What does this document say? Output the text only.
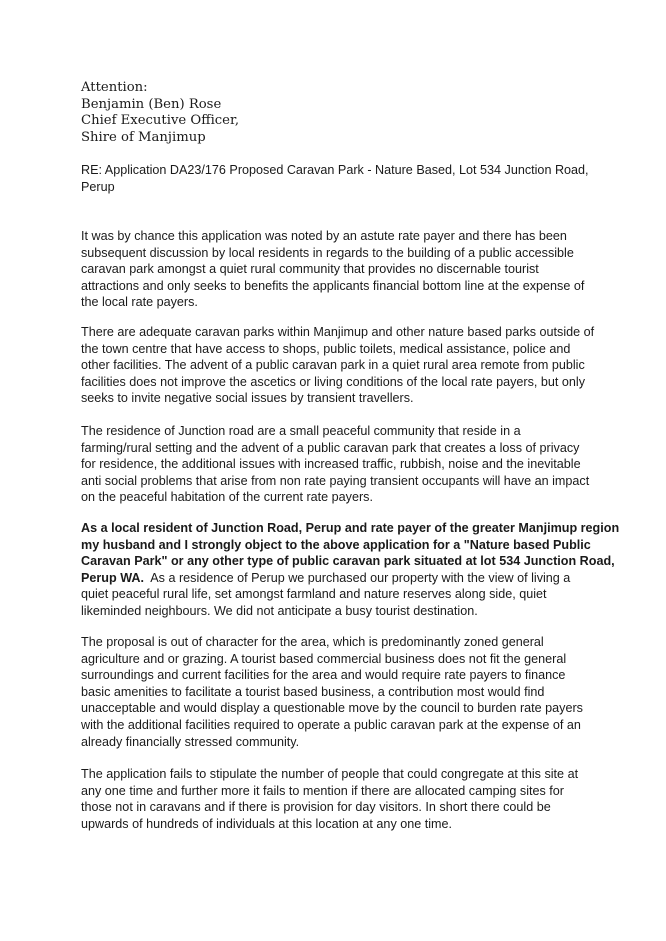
Attention:
Benjamin (Ben) Rose
Chief Executive Officer,
Shire of Manjimup
RE: Application DA23/176 Proposed Caravan Park - Nature Based, Lot 534 Junction Road,
Perup
It was by chance this application was noted by an astute rate payer and there has been
subsequent discussion by local residents in regards to the building of a public accessible
caravan park amongst a quiet rural community that provides no discernable tourist
attractions and only seeks to benefits the applicants financial bottom line at the expense of
the local rate payers.
There are adequate caravan parks within Manjimup and other nature based parks outside of
the town centre that have access to shops, public toilets, medical assistance, police and
other facilities. The advent of a public caravan park in a quiet rural area remote from public
facilities does not improve the ascetics or living conditions of the local rate payers, but only
seeks to invite negative social issues by transient travellers.
The residence of Junction road are a small peaceful community that reside in a
farming/rural setting and the advent of a public caravan park that creates a loss of privacy
for residence, the additional issues with increased traffic, rubbish, noise and the inevitable
anti social problems that arise from non rate paying transient occupants will have an impact
on the peaceful habitation of the current rate payers.
As a local resident of Junction Road, Perup and rate payer of the greater Manjimup region
my husband and I strongly object to the above application for a "Nature based Public
Caravan Park" or any other type of public caravan park situated at lot 534 Junction Road,
Perup WA.  As a residence of Perup we purchased our property with the view of living a
quiet peaceful rural life, set amongst farmland and nature reserves along side, quiet
likeminded neighbours. We did not anticipate a busy tourist destination.
The proposal is out of character for the area, which is predominantly zoned general
agriculture and or grazing. A tourist based commercial business does not fit the general
surroundings and current facilities for the area and would require rate payers to finance
basic amenities to facilitate a tourist based business, a contribution most would find
unacceptable and would display a questionable move by the council to burden rate payers
with the additional facilities required to operate a public caravan park at the expense of an
already financially stressed community.
The application fails to stipulate the number of people that could congregate at this site at
any one time and further more it fails to mention if there are allocated camping sites for
those not in caravans and if there is provision for day visitors. In short there could be
upwards of hundreds of individuals at this location at any one time.
